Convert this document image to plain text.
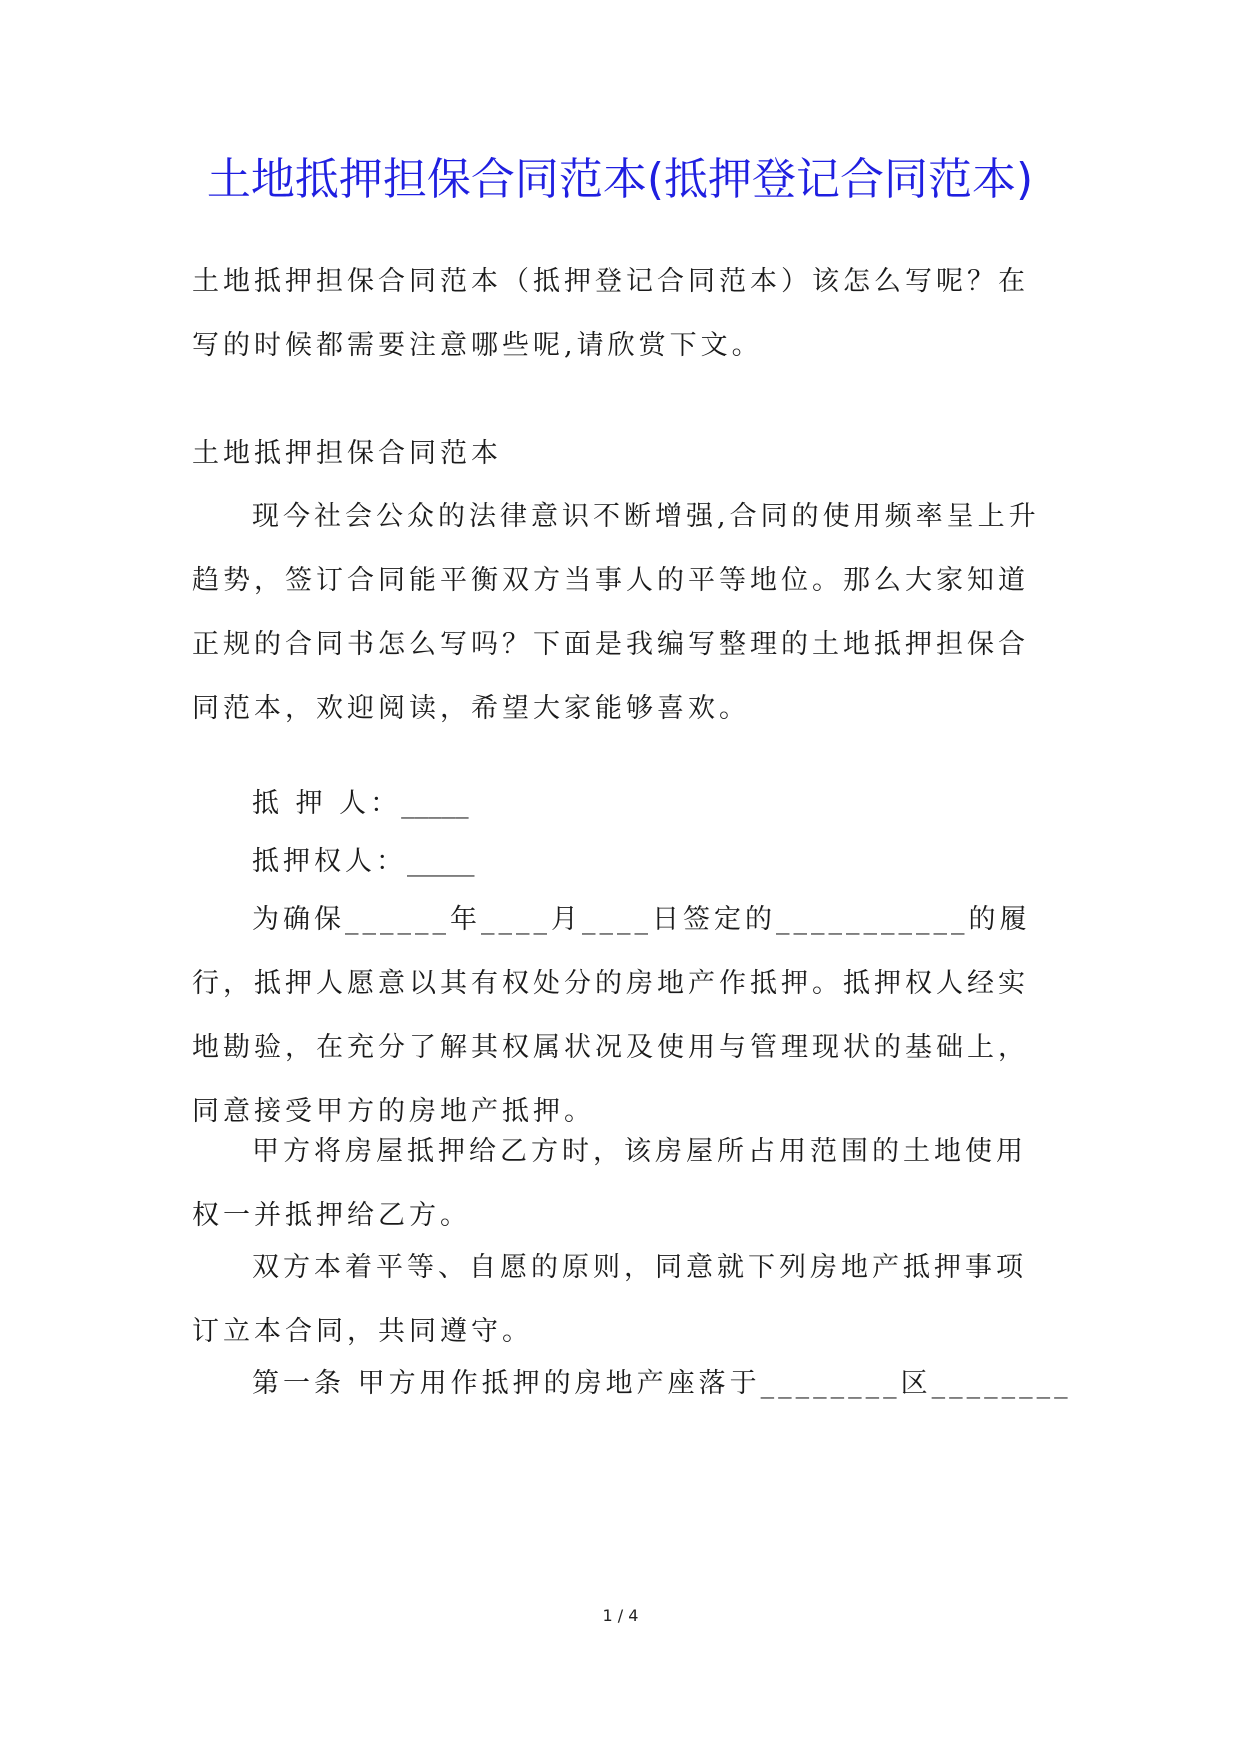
土地抵押担保合同范本(抵押登记合同范本)

土地抵押担保合同范本（抵押登记合同范本）该怎么写呢？在写的时候都需要注意哪些呢,请欣赏下文。

土地抵押担保合同范本

现今社会公众的法律意识不断增强,合同的使用频率呈上升趋势，签订合同能平衡双方当事人的平等地位。那么大家知道正规的合同书怎么写吗？下面是我编写整理的土地抵押担保合同范本，欢迎阅读，希望大家能够喜欢。

抵 押 人：_____

抵押权人：_____

为确保______年____月____日签定的___________的履行，抵押人愿意以其有权处分的房地产作抵押。抵押权人经实地勘验，在充分了解其权属状况及使用与管理现状的基础上，同意接受甲方的房地产抵押。

甲方将房屋抵押给乙方时，该房屋所占用范围的土地使用权一并抵押给乙方。

双方本着平等、自愿的原则，同意就下列房地产抵押事项订立本合同，共同遵守。

第一条 甲方用作抵押的房地产座落于________区________

1 / 4
